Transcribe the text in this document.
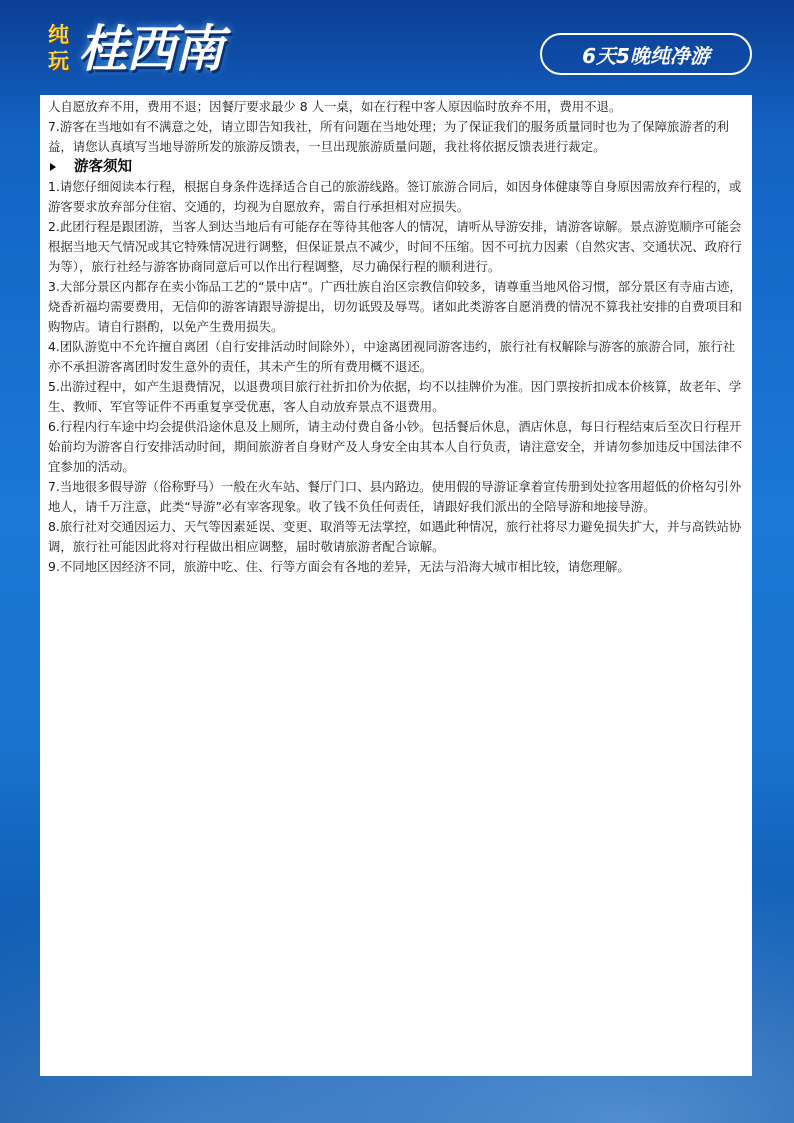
纯玩 桂西南	6天5晚纯净游

人自愿放弃不用，费用不退；因餐厅要求最少 8 人一桌，如在行程中客人原因临时放弃不用，费用不退。

7.游客在当地如有不满意之处，请立即告知我社，所有问题在当地处理；为了保证我们的服务质量同时也为了保障旅游者的利益，请您认真填写当地导游所发的旅游反馈表，一旦出现旅游质量问题，我社将依据反馈表进行裁定。

游客须知

1.请您仔细阅读本行程，根据自身条件选择适合自己的旅游线路。签订旅游合同后，如因身体健康等自身原因需放弃行程的，或游客要求放弃部分住宿、交通的，均视为自愿放弃，需自行承担相对应损失。

2.此团行程是跟团游，当客人到达当地后有可能存在等待其他客人的情况，请听从导游安排，请游客谅解。景点游览顺序可能会根据当地天气情况或其它特殊情况进行调整，但保证景点不减少，时间不压缩。因不可抗力因素（自然灾害、交通状况、政府行为等），旅行社经与游客协商同意后可以作出行程调整，尽力确保行程的顺利进行。

3.大部分景区内都存在卖小饰品工艺的“景中店”。广西壮族自治区宗教信仰较多，请尊重当地风俗习惯，部分景区有寺庙古迹，烧香祈福均需要费用，无信仰的游客请跟导游提出，切勿诋毁及辱骂。诸如此类游客自愿消费的情况不算我社安排的自费项目和购物店。请自行斟酌，以免产生费用损失。

4.团队游览中不允许擅自离团（自行安排活动时间除外），中途离团视同游客违约，旅行社有权解除与游客的旅游合同，旅行社亦不承担游客离团时发生意外的责任，其未产生的所有费用概不退还。

5.出游过程中，如产生退费情况，以退费项目旅行社折扣价为依据，均不以挂牌价为准。因门票按折扣成本价核算，故老年、学生、教师、军官等证件不再重复享受优惠，客人自动放弃景点不退费用。

6.行程内行车途中均会提供沿途休息及上厕所，请主动付费自备小钞。包括餐后休息，酒店休息，每日行程结束后至次日行程开始前均为游客自行安排活动时间，期间旅游者自身财产及人身安全由其本人自行负责，请注意安全，并请勿参加违反中国法律不宜参加的活动。

7.当地很多假导游（俗称野马）一般在火车站、餐厅门口、县内路边。使用假的导游证拿着宣传册到处拉客用超低的价格勾引外地人，请千万注意，此类“导游”必有宰客现象。收了钱不负任何责任，请跟好我们派出的全陪导游和地接导游。

8.旅行社对交通因运力、天气等因素延误、变更、取消等无法掌控，如遇此种情况，旅行社将尽力避免损失扩大，并与高铁站协调，旅行社可能因此将对行程做出相应调整，届时敬请旅游者配合谅解。

9.不同地区因经济不同，旅游中吃、住、行等方面会有各地的差异，无法与沿海大城市相比较，请您理解。
